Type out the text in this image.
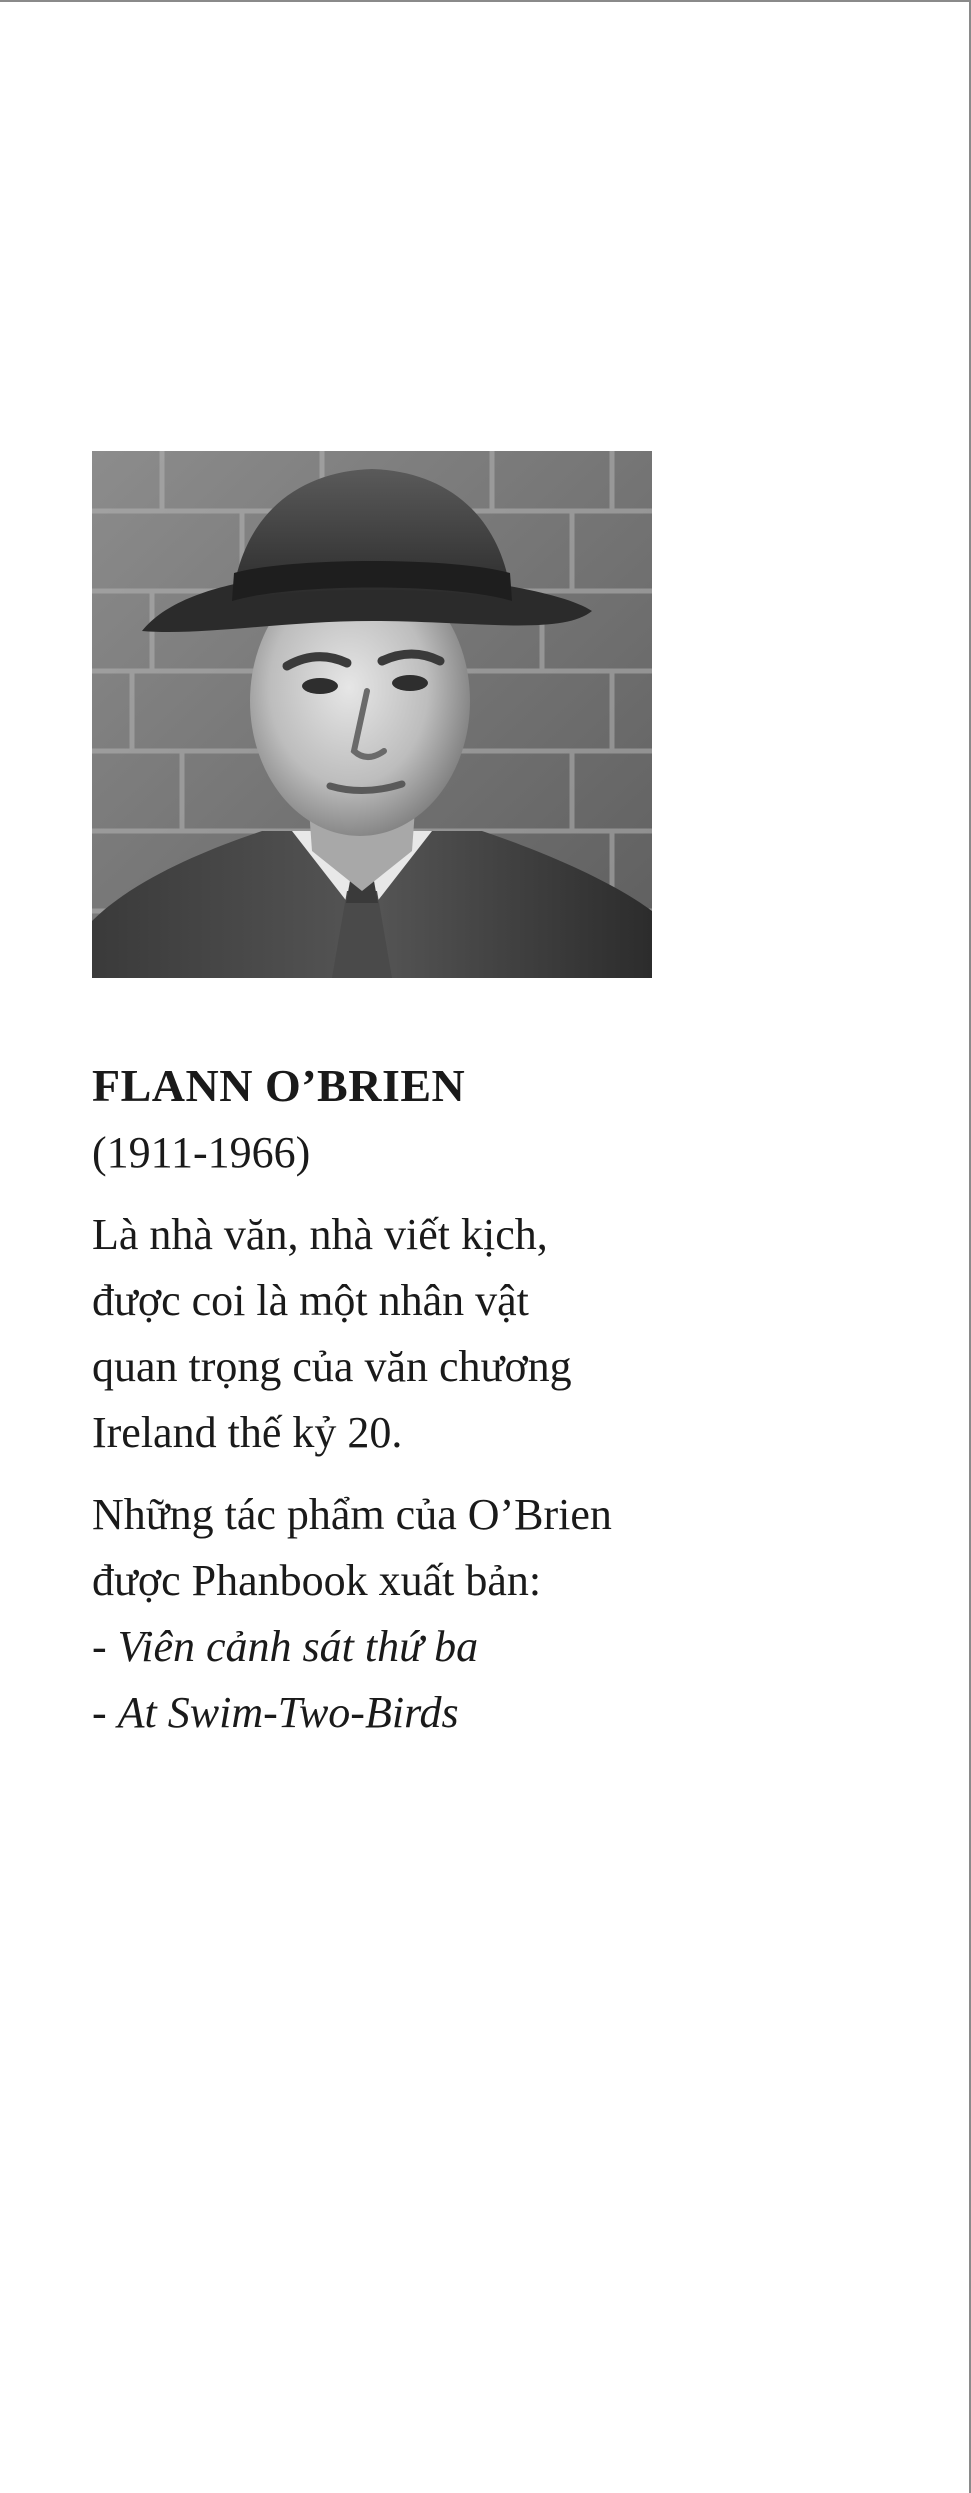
FLANN O’BRIEN

(1911-1966)

Là nhà văn, nhà viết kịch,
được coi là một nhân vật
quan trọng của văn chương
Ireland thế kỷ 20.

Những tác phẩm của O’Brien
được Phanbook xuất bản:
- Viên cảnh sát thứ ba
- At Swim-Two-Birds
